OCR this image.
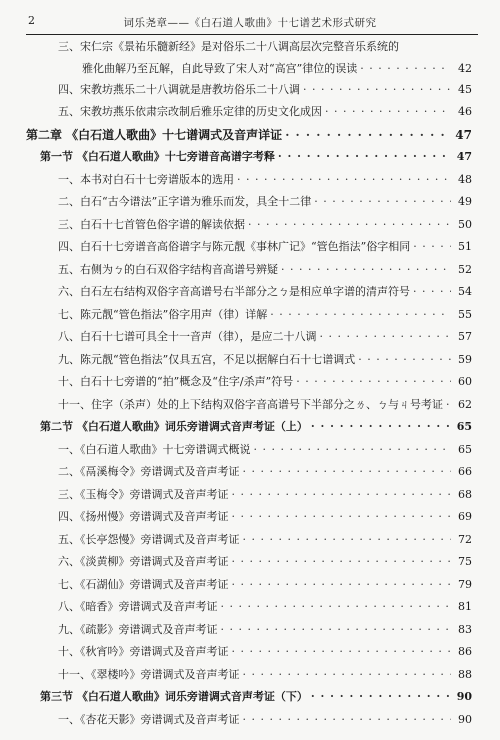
2	词乐尧章——《白石道人歌曲》十七谱艺术形式研究
三、宋仁宗《景祐乐髓新经》是对俗乐二十八调高层次完整音乐系统的
雅化曲解乃至瓦解，自此导致了宋人对“高宫”律位的误读 · · ·	42
四、宋教坊燕乐二十八调就是唐教坊俗乐二十八调 · · ·	45
五、宋教坊燕乐依肃宗改制后雅乐定律的历史文化成因 · · ·	46
第二章 《白石道人歌曲》十七谱调式及音声详证 · · ·	47
第一节 《白石道人歌曲》十七旁谱音高谱字考释 · · ·	47
一、本书对白石十七旁谱版本的选用 · · ·	48
二、白石“古今谱法”正字谱为雅乐而发，具全十二律 · · ·	49
三、白石十七首管色俗字谱的解读依据 · · ·	50
四、白石十七旁谱音高俗谱字与陈元靓《事林广记》“管色指法”俗字相同 · · ·	51
五、右侧为ㄅ的白石双俗字结构音高谱号辨疑 · · ·	52
六、白石左右结构双俗字音高谱号右半部分之ㄅ是相应单字谱的清声符号 · · ·	54
七、陈元靓“管色指法”俗字用声（律）详解 · · ·	55
八、白石十七谱可具全十一音声（律），是应二十八调 · · ·	57
九、陈元靓“管色指法”仅具五宫，不足以据解白石十七谱调式 · · ·	59
十、白石十七旁谱的“拍”概念及“住字/杀声”符号 · · ·	60
十一、住字（杀声）处的上下结构双俗字音高谱号下半部分之ㄌ、ㄅ与ㄐ号考证 · · ·	62
第二节 《白石道人歌曲》词乐旁谱调式音声考证（上） · · ·	65
一、《白石道人歌曲》十七旁谱调式概说 · · ·	65
二、《鬲溪梅令》旁谱调式及音声考证 · · ·	66
三、《玉梅令》旁谱调式及音声考证 · · ·	68
四、《扬州慢》旁谱调式及音声考证 · · ·	69
五、《长亭怨慢》旁谱调式及音声考证 · · ·	72
六、《淡黄柳》旁谱调式及音声考证 · · ·	75
七、《石湖仙》旁谱调式及音声考证 · · ·	79
八、《暗香》旁谱调式及音声考证 · · ·	81
九、《疏影》旁谱调式及音声考证 · · ·	83
十、《秋宵吟》旁谱调式及音声考证 · · ·	86
十一、《翠楼吟》旁谱调式及音声考证 · · ·	88
第三节 《白石道人歌曲》词乐旁谱调式音声考证（下） · · ·	90
一、《杏花天影》旁谱调式及音声考证 · · ·	90
